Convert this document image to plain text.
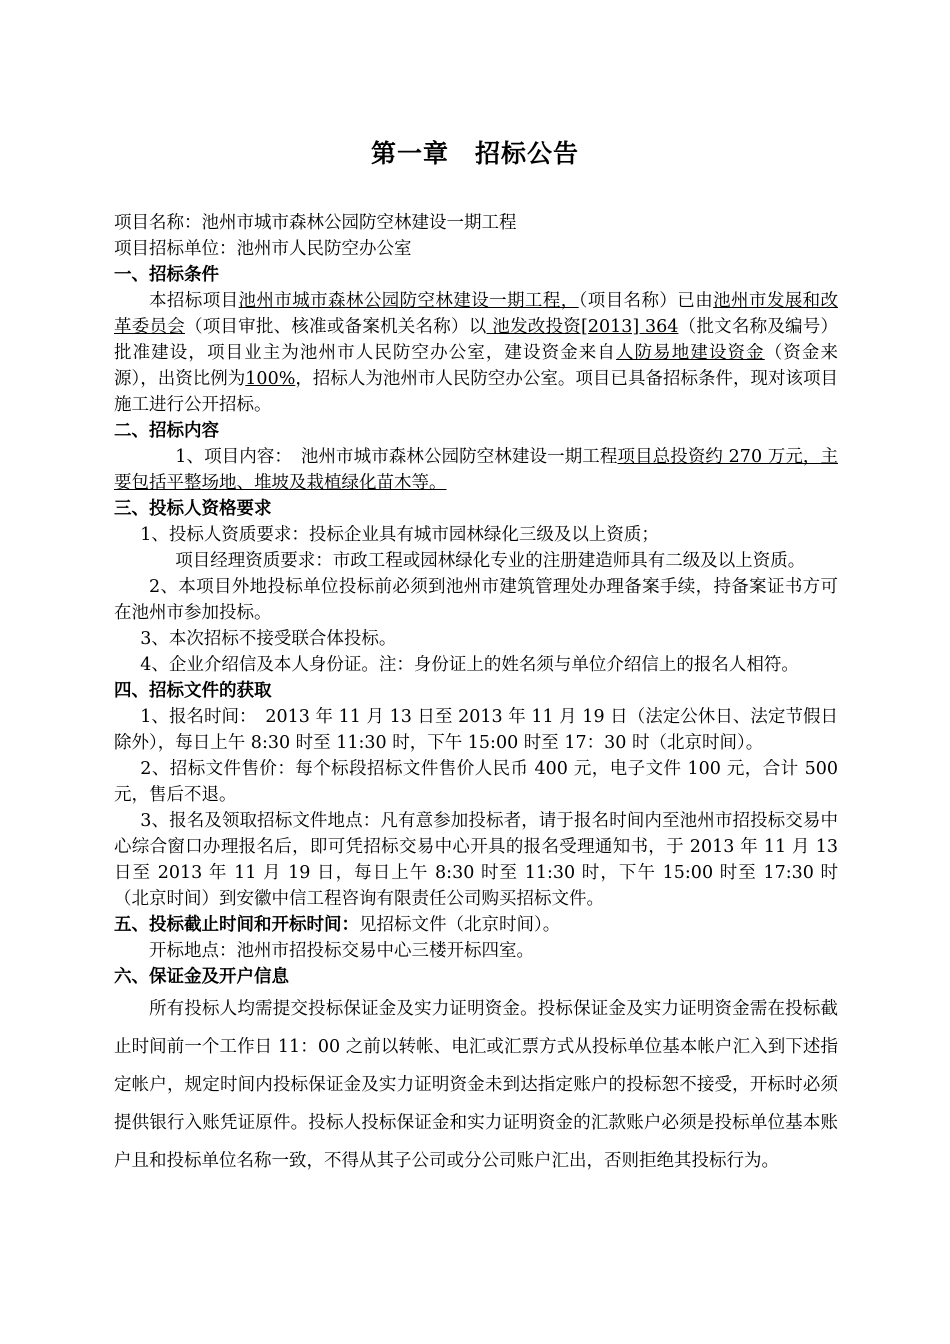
第一章　招标公告

项目名称：池州市城市森林公园防空林建设一期工程

项目招标单位：池州市人民防空办公室

一、招标条件

本招标项目池州市城市森林公园防空林建设一期工程，（项目名称）已由池州市发展和改革委员会（项目审批、核准或备案机关名称）以 池发改投资[2013] 364（批文名称及编号）批准建设，项目业主为池州市人民防空办公室，建设资金来自人防易地建设资金（资金来源），出资比例为100%，招标人为池州市人民防空办公室。项目已具备招标条件，现对该项目施工进行公开招标。

二、招标内容

1、项目内容：　池州市城市森林公园防空林建设一期工程项目总投资约 270 万元，主要包括平整场地、堆坡及栽植绿化苗木等。

三、投标人资格要求

1、投标人资质要求：投标企业具有城市园林绿化三级及以上资质；

项目经理资质要求：市政工程或园林绿化专业的注册建造师具有二级及以上资质。

2、本项目外地投标单位投标前必须到池州市建筑管理处办理备案手续，持备案证书方可在池州市参加投标。

3、本次招标不接受联合体投标。

4、企业介绍信及本人身份证。注：身份证上的姓名须与单位介绍信上的报名人相符。

四、招标文件的获取

1、报名时间：　2013 年 11 月 13 日至 2013 年 11 月 19 日（法定公休日、法定节假日除外），每日上午 8:30 时至 11:30 时，下午 15:00 时至 17：30 时（北京时间）。

2、招标文件售价：每个标段招标文件售价人民币 400 元，电子文件 100 元，合计 500 元，售后不退。

3、报名及领取招标文件地点：凡有意参加投标者，请于报名时间内至池州市招投标交易中心综合窗口办理报名后，即可凭招标交易中心开具的报名受理通知书，于 2013 年 11 月 13 日至 2013 年 11 月 19 日，每日上午 8:30 时至 11:30 时，下午 15:00 时至 17:30 时（北京时间）到安徽中信工程咨询有限责任公司购买招标文件。

五、投标截止时间和开标时间：见招标文件（北京时间）。

开标地点：池州市招投标交易中心三楼开标四室。

六、保证金及开户信息

所有投标人均需提交投标保证金及实力证明资金。投标保证金及实力证明资金需在投标截止时间前一个工作日 11：00 之前以转帐、电汇或汇票方式从投标单位基本帐户汇入到下述指定帐户，规定时间内投标保证金及实力证明资金未到达指定账户的投标恕不接受，开标时必须提供银行入账凭证原件。投标人投标保证金和实力证明资金的汇款账户必须是投标单位基本账户且和投标单位名称一致，不得从其子公司或分公司账户汇出，否则拒绝其投标行为。
